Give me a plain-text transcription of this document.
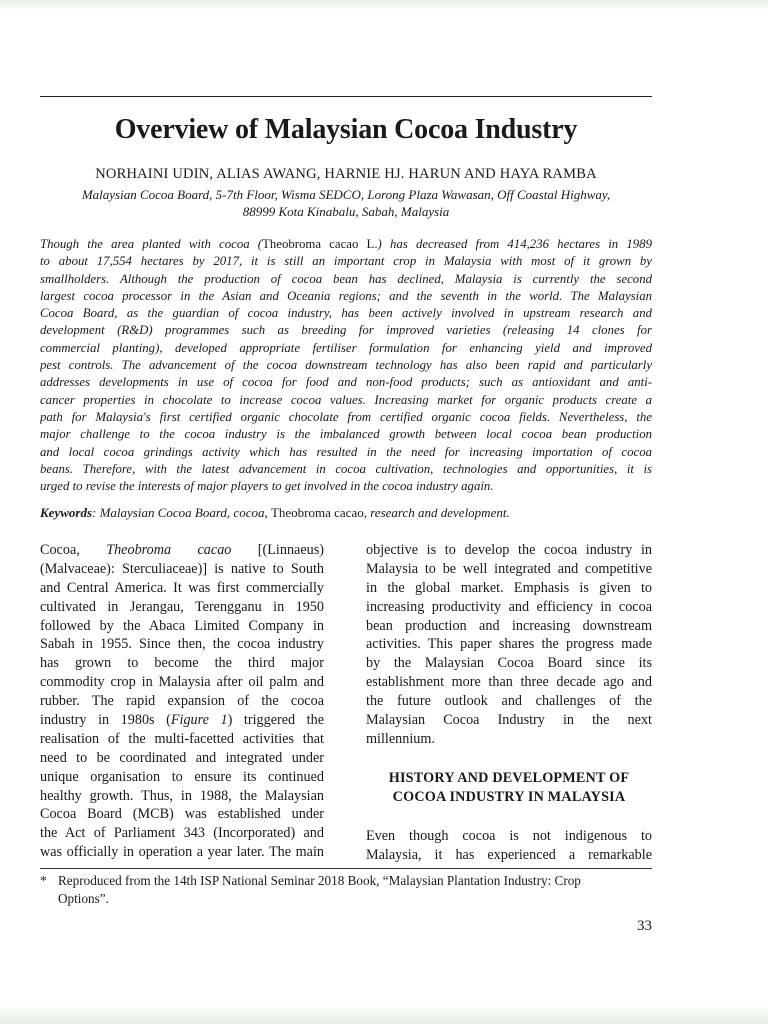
Overview of Malaysian Cocoa Industry
NORHAINI UDIN, ALIAS AWANG, HARNIE HJ. HARUN AND HAYA RAMBA
Malaysian Cocoa Board, 5-7th Floor, Wisma SEDCO, Lorong Plaza Wawasan, Off Coastal Highway,
88999 Kota Kinabalu, Sabah, Malaysia
Though the area planted with cocoa (Theobroma cacao L.) has decreased from 414,236 hectares in 1989
to about 17,554 hectares by 2017, it is still an important crop in Malaysia with most of it grown by
smallholders. Although the production of cocoa bean has declined, Malaysia is currently the second
largest cocoa processor in the Asian and Oceania regions; and the seventh in the world. The Malaysian
Cocoa Board, as the guardian of cocoa industry, has been actively involved in upstream research and
development (R&D) programmes such as breeding for improved varieties (releasing 14 clones for
commercial planting), developed appropriate fertiliser formulation for enhancing yield and improved
pest controls. The advancement of the cocoa downstream technology has also been rapid and particularly
addresses developments in use of cocoa for food and non-food products; such as antioxidant and anti-
cancer properties in chocolate to increase cocoa values. Increasing market for organic products create a
path for Malaysia's first certified organic chocolate from certified organic cocoa fields. Nevertheless, the
major challenge to the cocoa industry is the imbalanced growth between local cocoa bean production
and local cocoa grindings activity which has resulted in the need for increasing importation of cocoa
beans. Therefore, with the latest advancement in cocoa cultivation, technologies and opportunities, it is
urged to revise the interests of major players to get involved in the cocoa industry again.
Keywords: Malaysian Cocoa Board, cocoa, Theobroma cacao, research and development.
Cocoa, Theobroma cacao [(Linnaeus)
(Malvaceae): Sterculiaceae)] is native to South
and Central America. It was first commercially
cultivated in Jerangau, Terengganu in 1950
followed by the Abaca Limited Company in
Sabah in 1955. Since then, the cocoa industry
has grown to become the third major
commodity crop in Malaysia after oil palm and
rubber. The rapid expansion of the cocoa
industry in 1980s (Figure 1) triggered the
realisation of the multi-facetted activities that
need to be coordinated and integrated under
unique organisation to ensure its continued
healthy growth. Thus, in 1988, the Malaysian
Cocoa Board (MCB) was established under
the Act of Parliament 343 (Incorporated) and
was officially in operation a year later. The main
objective is to develop the cocoa industry in
Malaysia to be well integrated and competitive
in the global market. Emphasis is given to
increasing productivity and efficiency in cocoa
bean production and increasing downstream
activities. This paper shares the progress made
by the Malaysian Cocoa Board since its
establishment more than three decade ago and
the future outlook and challenges of the
Malaysian Cocoa Industry in the next
millennium.
HISTORY AND DEVELOPMENT OF
COCOA INDUSTRY IN MALAYSIA
Even though cocoa is not indigenous to
Malaysia, it has experienced a remarkable
* Reproduced from the 14th ISP National Seminar 2018 Book, “Malaysian Plantation Industry: Crop
Options”.
33
